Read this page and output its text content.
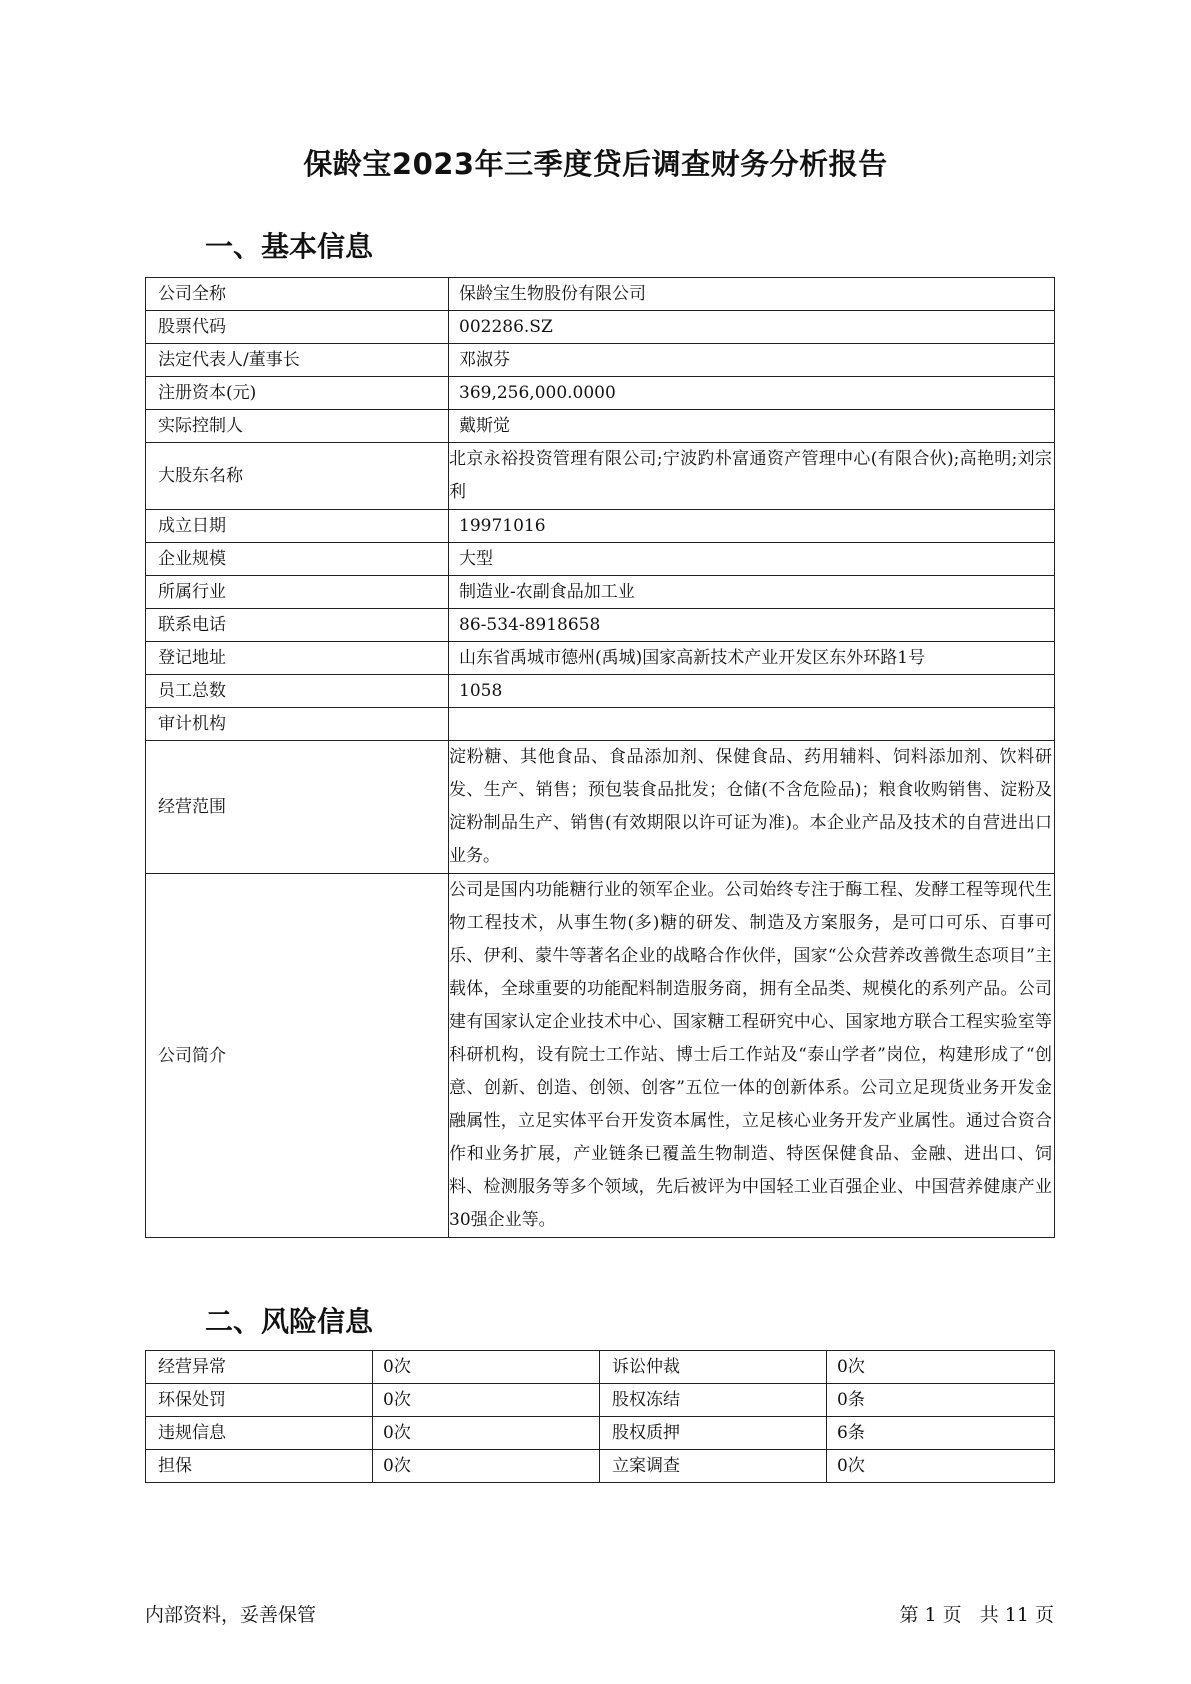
保龄宝2023年三季度贷后调查财务分析报告
一、基本信息
公司全称	保龄宝生物股份有限公司
股票代码	002286.SZ
法定代表人/董事长	邓淑芬
注册资本(元)	369,256,000.0000
实际控制人	戴斯觉
大股东名称	北京永裕投资管理有限公司;宁波趵朴富通资产管理中心(有限合伙);高艳明;刘宗利

成立日期	19971016
企业规模	大型
所属行业	制造业-农副食品加工业
联系电话	86-534-8918658
登记地址	山东省禹城市德州(禹城)国家高新技术产业开发区东外环路1号
员工总数	1058
审计机构	
经营范围	淀粉糖、其他食品、食品添加剂、保健食品、药用辅料、饲料添加剂、饮料研发、生产、销售；预包装食品批发；仓储(不含危险品)；粮食收购销售、淀粉及淀粉制品生产、销售(有效期限以许可证为准)。本企业产品及技术的自营进出口业务。

公司简介	公司是国内功能糖行业的领军企业。公司始终专注于酶工程、发酵工程等现代生物工程技术，从事生物(多)糖的研发、制造及方案服务，是可口可乐、百事可乐、伊利、蒙牛等著名企业的战略合作伙伴，国家“公众营养改善微生态项目”主载体，全球重要的功能配料制造服务商，拥有全品类、规模化的系列产品。公司建有国家认定企业技术中心、国家糖工程研究中心、国家地方联合工程实验室等科研机构，设有院士工作站、博士后工作站及“泰山学者”岗位，构建形成了“创意、创新、创造、创领、创客”五位一体的创新体系。公司立足现货业务开发金融属性，立足实体平台开发资本属性，立足核心业务开发产业属性。通过合资合作和业务扩展，产业链条已覆盖生物制造、特医保健食品、金融、进出口、饲料、检测服务等多个领域，先后被评为中国轻工业百强企业、中国营养健康产业30强企业等。
二、风险信息
经营异常	0次	诉讼仲裁	0次
环保处罚	0次	股权冻结	0条
违规信息	0次	股权质押	6条
担保	0次	立案调查	0次
内部资料，妥善保管	第 1 页   共 11 页
